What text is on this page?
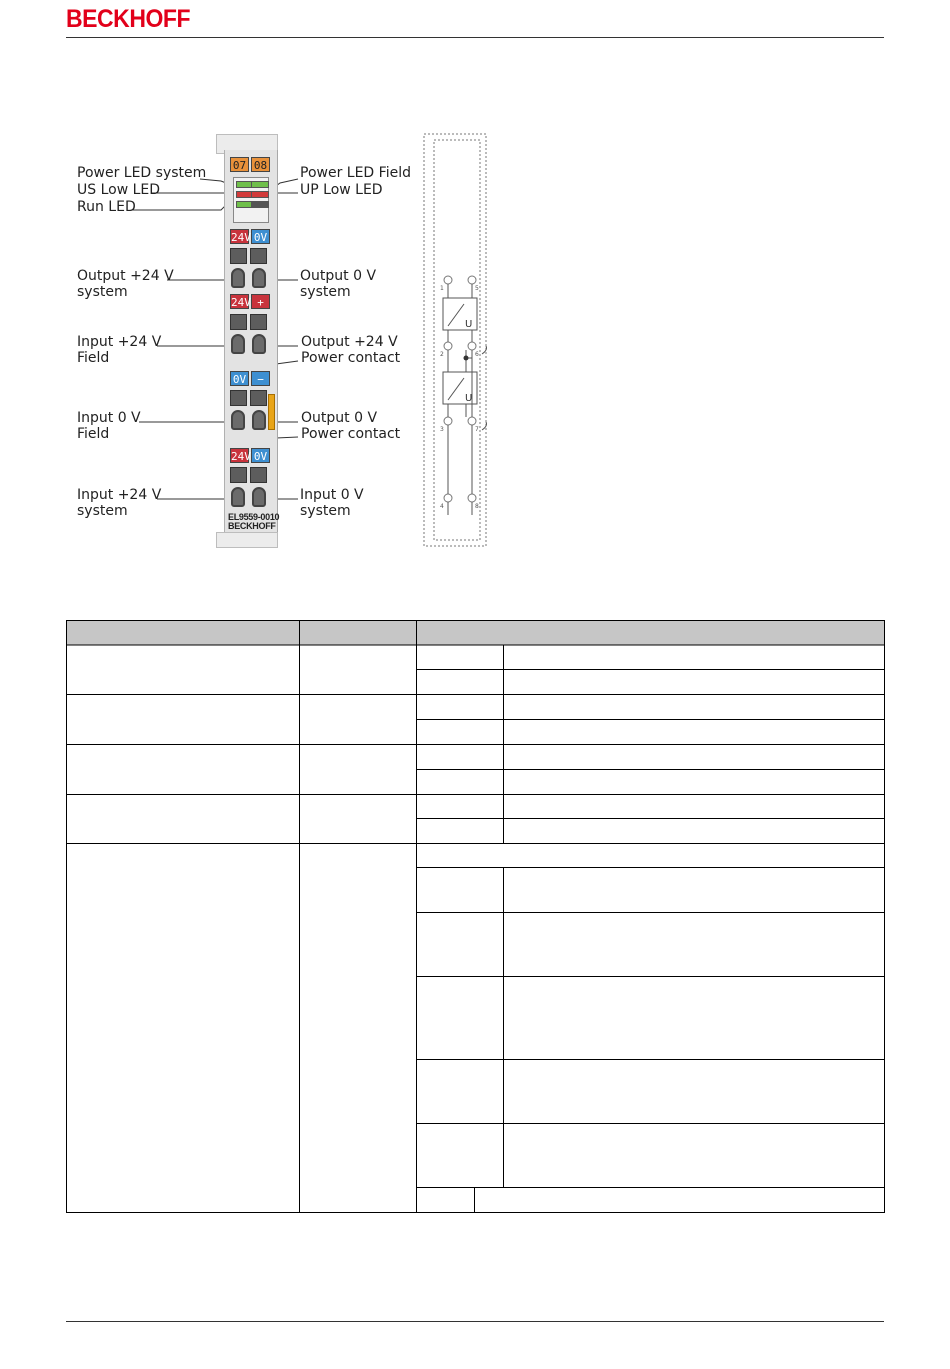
BECKHOFF
Power LED system
US Low LED
Run LED
Output +24 V
system
Input +24 V
Field
Input 0 V
Field
Input +24 V
system
Power LED Field
UP Low LED
Output 0 V
system
Output +24 V
Power contact
Output 0 V
Power contact
Input 0 V
system
07 08
24V 0V
24V +
0V	−
24V 0V
EL9559-0010
BECKHOFF
U
U
1	5
2	6
3	7
4	8
